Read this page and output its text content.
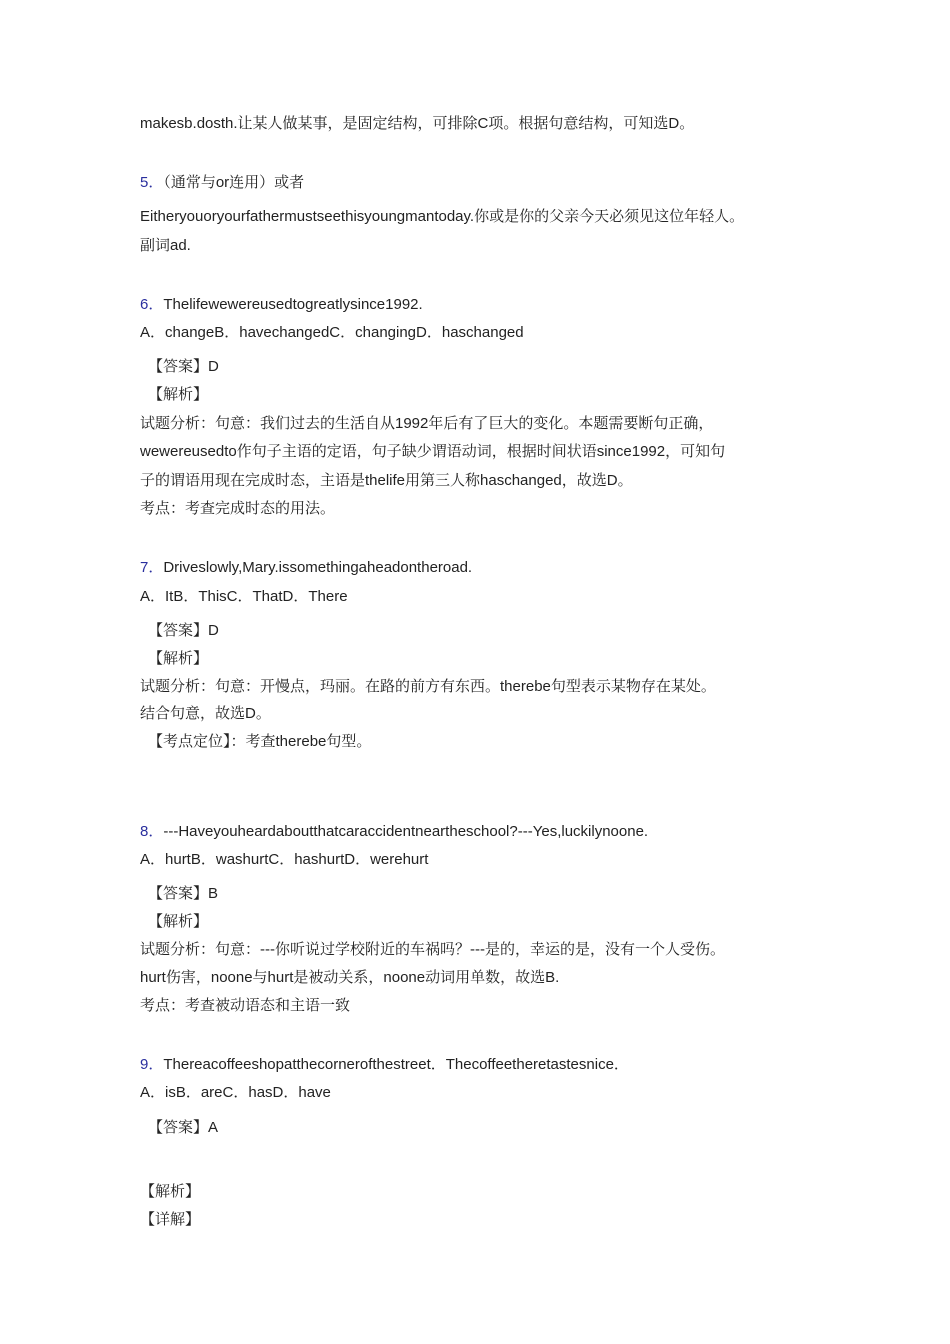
makesb.dosth.让某人做某事，是固定结构，可排除C项。根据句意结构，可知选D。
5．（通常与or连用）或者
Eitheryouoryourfathermustseethisyoungmantoday.你或是你的父亲今天必须见这位年轻人。
副词ad.
6．Thelifewewereusedtogreatlysince1992.
A．changeB．havechangedC．changingD．haschanged
【答案】D
【解析】
试题分析：句意：我们过去的生活自从1992年后有了巨大的变化。本题需要断句正确，
wewereusedto作句子主语的定语，句子缺少谓语动词，根据时间状语since1992，可知句
子的谓语用现在完成时态，主语是thelife用第三人称haschanged，故选D。
考点：考查完成时态的用法。
7．Driveslowly,Mary.issomethingaheadontheroad.
A．ItB．ThisC．ThatD．There
【答案】D
【解析】
试题分析：句意：开慢点，玛丽。在路的前方有东西。therebe句型表示某物存在某处。
结合句意，故选D。
【考点定位】：考查therebe句型。
8．---Haveyouheardaboutthatcaraccidentneartheschool?---Yes,luckilynoone.
A．hurtB．washurtC．hashurtD．werehurt
【答案】B
【解析】
试题分析：句意：---你听说过学校附近的车祸吗？---是的，幸运的是，没有一个人受伤。
hurt伤害，noone与hurt是被动关系，noone动词用单数，故选B.
考点：考查被动语态和主语一致
9．Thereacoffeeshopatthecornerofthestreet．Thecoffeetheretastesnice．
A．isB．areC．hasD．have
【答案】A
【解析】
【详解】
